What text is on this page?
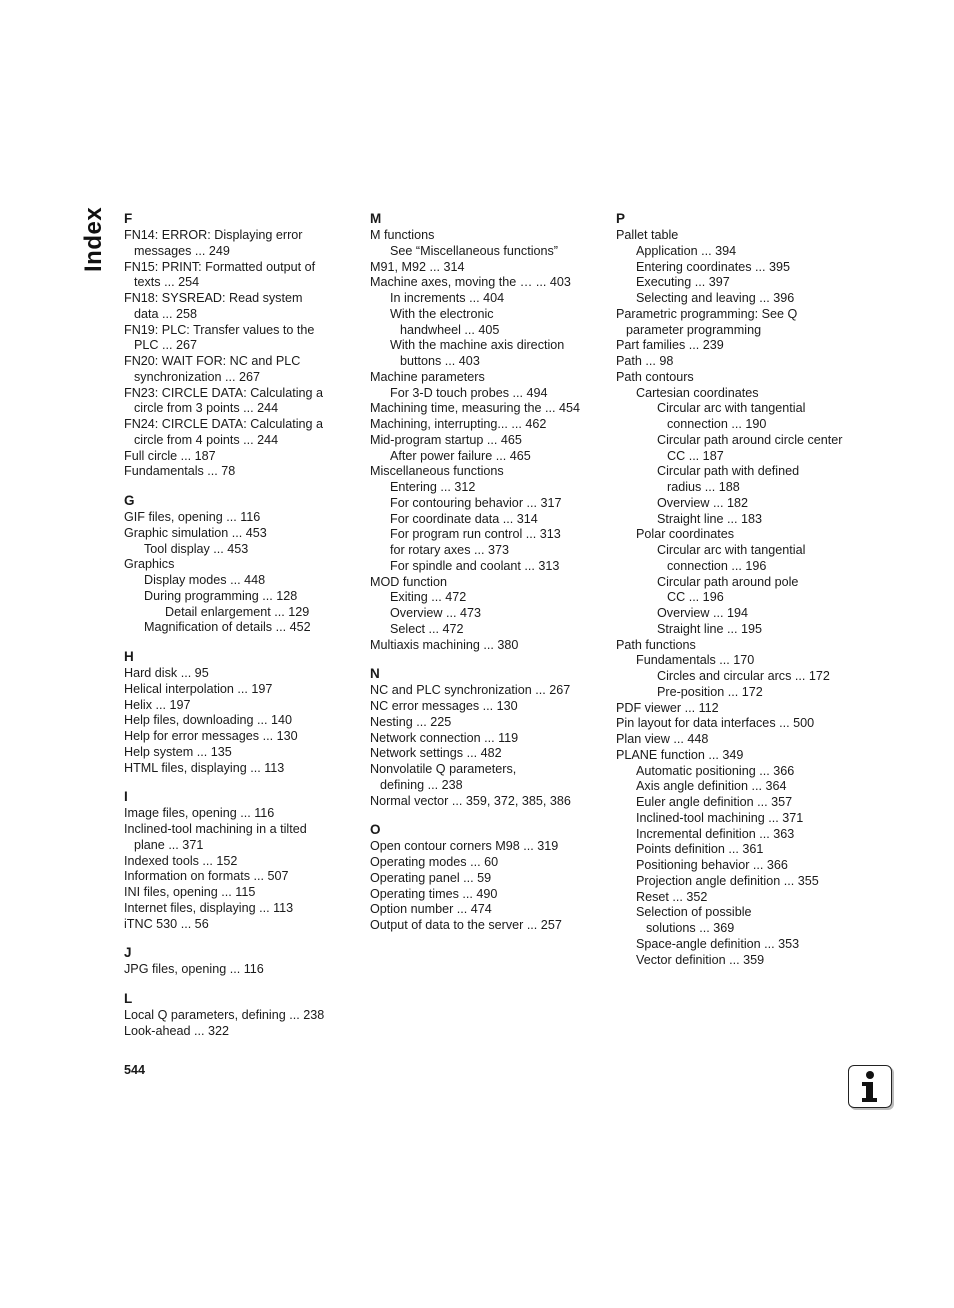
Index F
FN14: ERROR: Displaying error
messages ... 249
FN15: PRINT: Formatted output of
texts ... 254
FN18: SYSREAD: Read system
data ... 258
FN19: PLC: Transfer values to the
PLC ... 267
FN20: WAIT FOR: NC and PLC
synchronization ... 267
FN23: CIRCLE DATA: Calculating a
circle from 3 points ... 244
FN24: CIRCLE DATA: Calculating a
circle from 4 points ... 244
Full circle ... 187
Fundamentals ... 78
G
GIF files, opening ... 116
Graphic simulation ... 453
Tool display ... 453
Graphics
Display modes ... 448
During programming ... 128
Detail enlargement ... 129
Magnification of details ... 452
H
Hard disk ... 95
Helical interpolation ... 197
Helix ... 197
Help files, downloading ... 140
Help for error messages ... 130
Help system ... 135
HTML files, displaying ... 113
I
Image files, opening ... 116
Inclined-tool machining in a tilted
plane ... 371
Indexed tools ... 152
Information on formats ... 507
INI files, opening ... 115
Internet files, displaying ... 113
iTNC 530 ... 56
J
JPG files, opening ... 116
L
Local Q parameters, defining ... 238
Look-ahead ... 322
M
M functions
See “Miscellaneous functions”
M91, M92 ... 314
Machine axes, moving the … ... 403
In increments ... 404
With the electronic
handwheel ... 405
With the machine axis direction
buttons ... 403
Machine parameters
For 3-D touch probes ... 494
Machining time, measuring the ... 454
Machining, interrupting... ... 462
Mid-program startup ... 465
After power failure ... 465
Miscellaneous functions
Entering ... 312
For contouring behavior ... 317
For coordinate data ... 314
For program run control ... 313
for rotary axes ... 373
For spindle and coolant ... 313
MOD function
Exiting ... 472
Overview ... 473
Select ... 472
Multiaxis machining ... 380
N
NC and PLC synchronization ... 267
NC error messages ... 130
Nesting ... 225
Network connection ... 119
Network settings ... 482
Nonvolatile Q parameters,
defining ... 238
Normal vector ... 359, 372, 385, 386
O
Open contour corners M98 ... 319
Operating modes ... 60
Operating panel ... 59
Operating times ... 490
Option number ... 474
Output of data to the server ... 257
P
Pallet table
Application ... 394
Entering coordinates ... 395
Executing ... 397
Selecting and leaving ... 396
Parametric programming: See Q
parameter programming
Part families ... 239
Path ... 98
Path contours
Cartesian coordinates
Circular arc with tangential
connection ... 190
Circular path around circle center
CC ... 187
Circular path with defined
radius ... 188
Overview ... 182
Straight line ... 183
Polar coordinates
Circular arc with tangential
connection ... 196
Circular path around pole
CC ... 196
Overview ... 194
Straight line ... 195
Path functions
Fundamentals ... 170
Circles and circular arcs ... 172
Pre-position ... 172
PDF viewer ... 112
Pin layout for data interfaces ... 500
Plan view ... 448
PLANE function ... 349
Automatic positioning ... 366
Axis angle definition ... 364
Euler angle definition ... 357
Inclined-tool machining ... 371
Incremental definition ... 363
Points definition ... 361
Positioning behavior ... 366
Projection angle definition ... 355
Reset ... 352
Selection of possible
solutions ... 369
Space-angle definition ... 353
Vector definition ... 359
544
